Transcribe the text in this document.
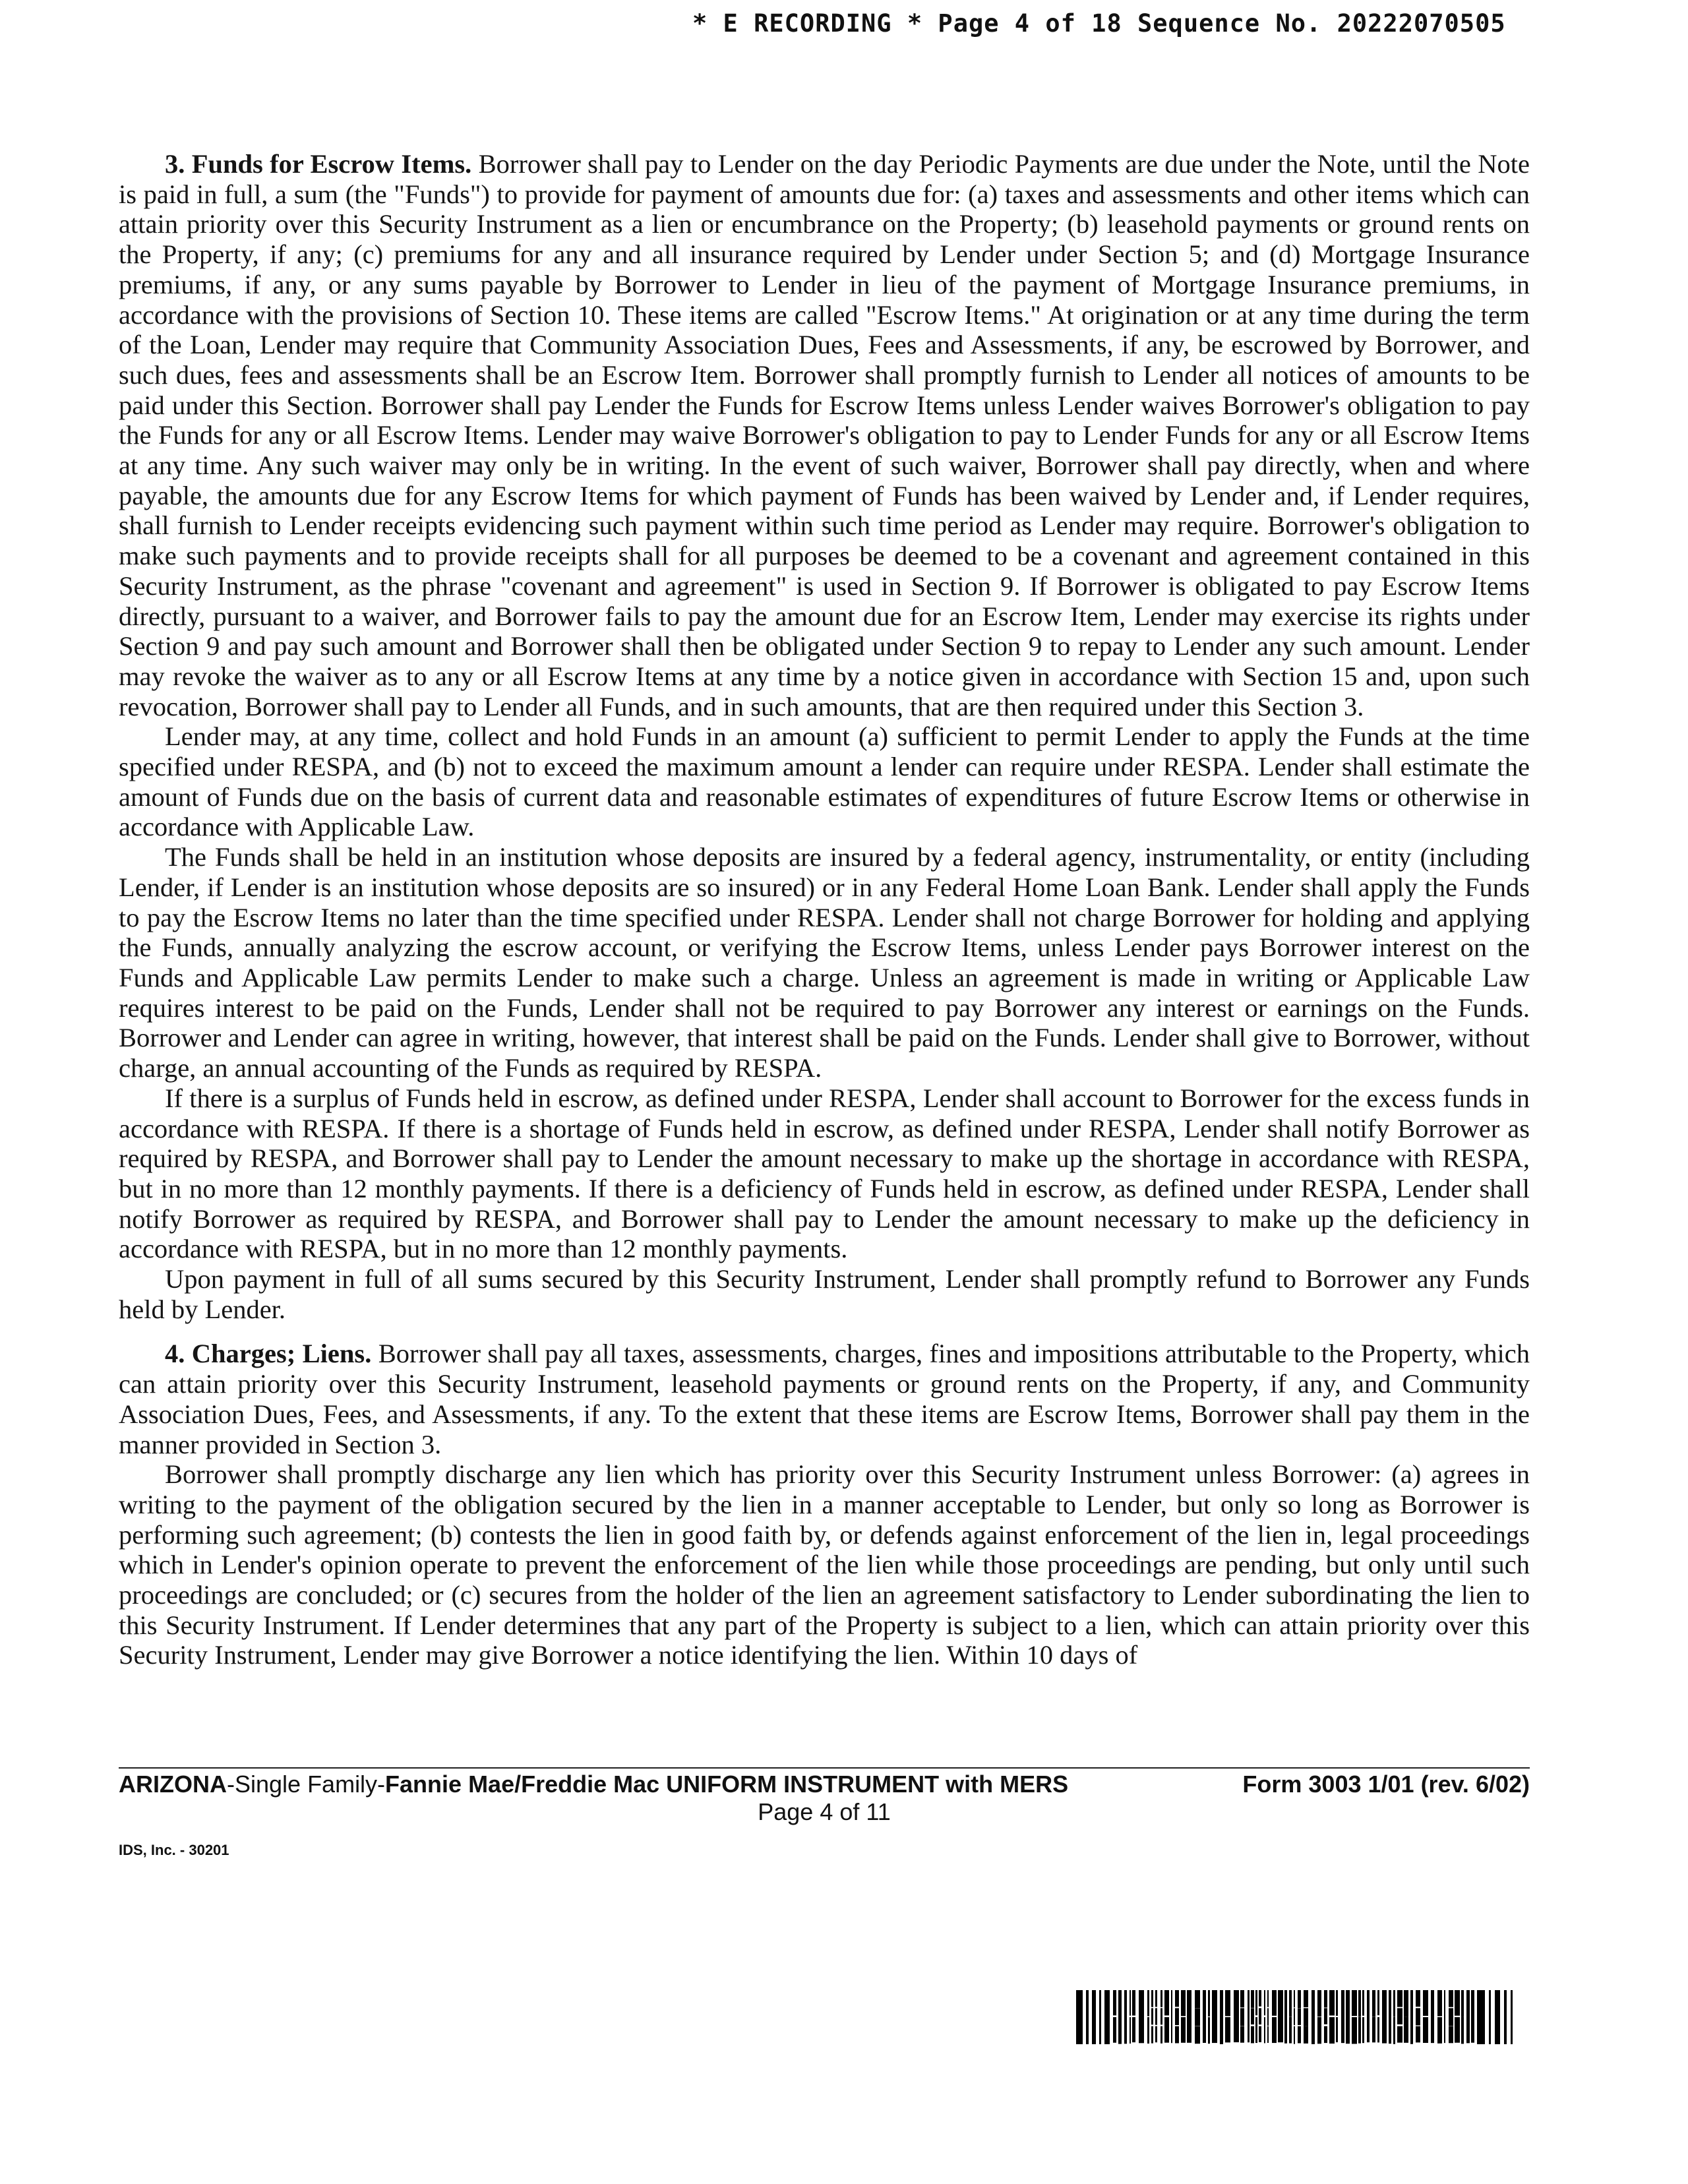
* E RECORDING * Page 4 of 18 Sequence No. 20222070505

3. Funds for Escrow Items. Borrower shall pay to Lender on the day Periodic Payments are due under the Note, until the Note is paid in full, a sum (the "Funds") to provide for payment of amounts due for: (a) taxes and assessments and other items which can attain priority over this Security Instrument as a lien or encumbrance on the Property; (b) leasehold payments or ground rents on the Property, if any; (c) premiums for any and all insurance required by Lender under Section 5; and (d) Mortgage Insurance premiums, if any, or any sums payable by Borrower to Lender in lieu of the payment of Mortgage Insurance premiums, in accordance with the provisions of Section 10. These items are called "Escrow Items." At origination or at any time during the term of the Loan, Lender may require that Community Association Dues, Fees and Assessments, if any, be escrowed by Borrower, and such dues, fees and assessments shall be an Escrow Item. Borrower shall promptly furnish to Lender all notices of amounts to be paid under this Section. Borrower shall pay Lender the Funds for Escrow Items unless Lender waives Borrower's obligation to pay the Funds for any or all Escrow Items. Lender may waive Borrower's obligation to pay to Lender Funds for any or all Escrow Items at any time. Any such waiver may only be in writing. In the event of such waiver, Borrower shall pay directly, when and where payable, the amounts due for any Escrow Items for which payment of Funds has been waived by Lender and, if Lender requires, shall furnish to Lender receipts evidencing such payment within such time period as Lender may require. Borrower's obligation to make such payments and to provide receipts shall for all purposes be deemed to be a covenant and agreement contained in this Security Instrument, as the phrase "covenant and agreement" is used in Section 9. If Borrower is obligated to pay Escrow Items directly, pursuant to a waiver, and Borrower fails to pay the amount due for an Escrow Item, Lender may exercise its rights under Section 9 and pay such amount and Borrower shall then be obligated under Section 9 to repay to Lender any such amount. Lender may revoke the waiver as to any or all Escrow Items at any time by a notice given in accordance with Section 15 and, upon such revocation, Borrower shall pay to Lender all Funds, and in such amounts, that are then required under this Section 3.

Lender may, at any time, collect and hold Funds in an amount (a) sufficient to permit Lender to apply the Funds at the time specified under RESPA, and (b) not to exceed the maximum amount a lender can require under RESPA. Lender shall estimate the amount of Funds due on the basis of current data and reasonable estimates of expenditures of future Escrow Items or otherwise in accordance with Applicable Law.

The Funds shall be held in an institution whose deposits are insured by a federal agency, instrumentality, or entity (including Lender, if Lender is an institution whose deposits are so insured) or in any Federal Home Loan Bank. Lender shall apply the Funds to pay the Escrow Items no later than the time specified under RESPA. Lender shall not charge Borrower for holding and applying the Funds, annually analyzing the escrow account, or verifying the Escrow Items, unless Lender pays Borrower interest on the Funds and Applicable Law permits Lender to make such a charge. Unless an agreement is made in writing or Applicable Law requires interest to be paid on the Funds, Lender shall not be required to pay Borrower any interest or earnings on the Funds. Borrower and Lender can agree in writing, however, that interest shall be paid on the Funds. Lender shall give to Borrower, without charge, an annual accounting of the Funds as required by RESPA.

If there is a surplus of Funds held in escrow, as defined under RESPA, Lender shall account to Borrower for the excess funds in accordance with RESPA. If there is a shortage of Funds held in escrow, as defined under RESPA, Lender shall notify Borrower as required by RESPA, and Borrower shall pay to Lender the amount necessary to make up the shortage in accordance with RESPA, but in no more than 12 monthly payments. If there is a deficiency of Funds held in escrow, as defined under RESPA, Lender shall notify Borrower as required by RESPA, and Borrower shall pay to Lender the amount necessary to make up the deficiency in accordance with RESPA, but in no more than 12 monthly payments.

Upon payment in full of all sums secured by this Security Instrument, Lender shall promptly refund to Borrower any Funds held by Lender.

4. Charges; Liens. Borrower shall pay all taxes, assessments, charges, fines and impositions attributable to the Property, which can attain priority over this Security Instrument, leasehold payments or ground rents on the Property, if any, and Community Association Dues, Fees, and Assessments, if any. To the extent that these items are Escrow Items, Borrower shall pay them in the manner provided in Section 3.

Borrower shall promptly discharge any lien which has priority over this Security Instrument unless Borrower: (a) agrees in writing to the payment of the obligation secured by the lien in a manner acceptable to Lender, but only so long as Borrower is performing such agreement; (b) contests the lien in good faith by, or defends against enforcement of the lien in, legal proceedings which in Lender's opinion operate to prevent the enforcement of the lien while those proceedings are pending, but only until such proceedings are concluded; or (c) secures from the holder of the lien an agreement satisfactory to Lender subordinating the lien to this Security Instrument. If Lender determines that any part of the Property is subject to a lien, which can attain priority over this Security Instrument, Lender may give Borrower a notice identifying the lien. Within 10 days of

ARIZONA-Single Family-Fannie Mae/Freddie Mac UNIFORM INSTRUMENT with MERS	Form 3003 1/01 (rev. 6/02)
Page 4 of 11
IDS, Inc. - 30201
